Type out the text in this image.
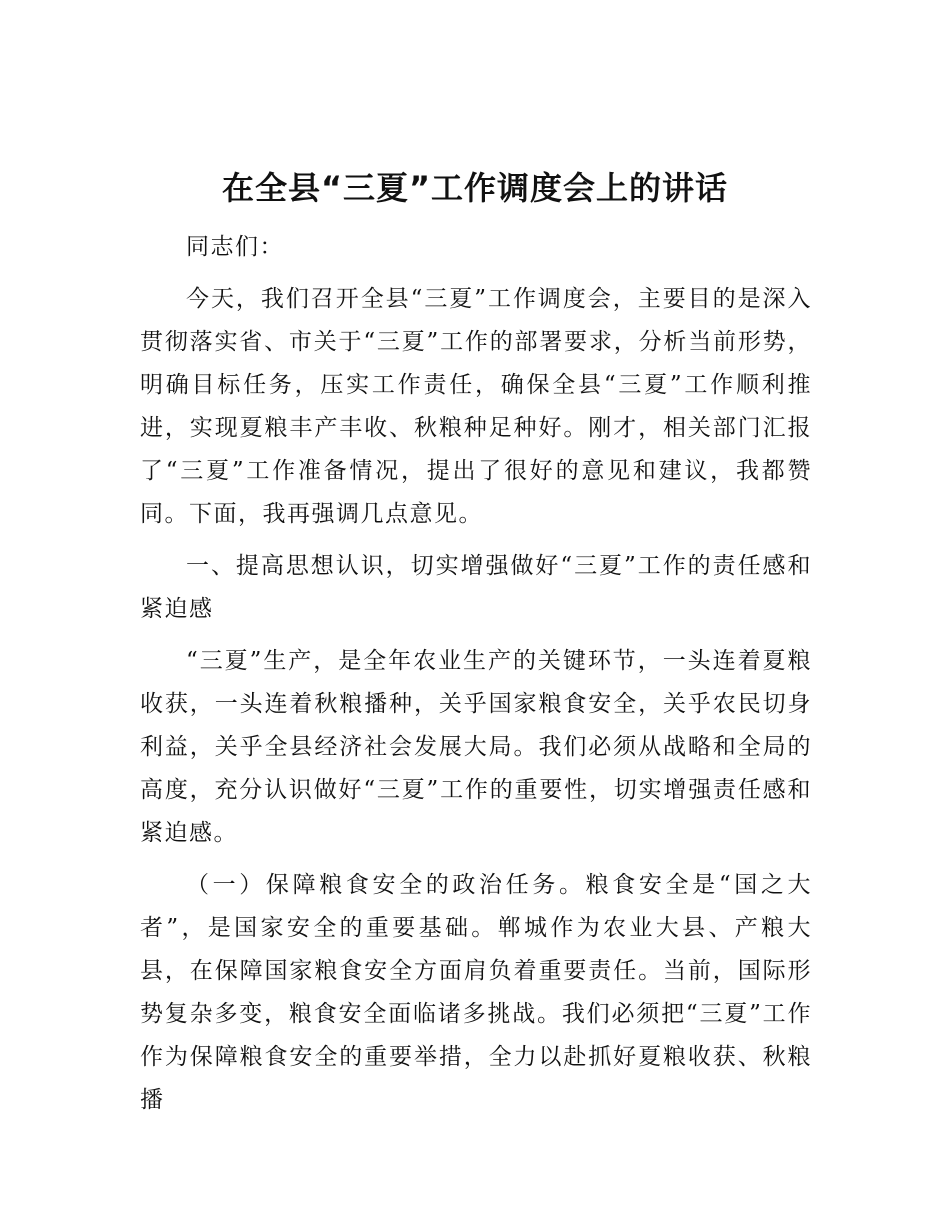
在全县“三夏”工作调度会上的讲话

同志们：

今天，我们召开全县“三夏”工作调度会，主要目的是深入贯彻落实省、市关于“三夏”工作的部署要求，分析当前形势，明确目标任务，压实工作责任，确保全县“三夏”工作顺利推进，实现夏粮丰产丰收、秋粮种足种好。刚才，相关部门汇报了“三夏”工作准备情况，提出了很好的意见和建议，我都赞同。下面，我再强调几点意见。

一、提高思想认识，切实增强做好“三夏”工作的责任感和紧迫感

“三夏”生产，是全年农业生产的关键环节，一头连着夏粮收获，一头连着秋粮播种，关乎国家粮食安全，关乎农民切身利益，关乎全县经济社会发展大局。我们必须从战略和全局的高度，充分认识做好“三夏”工作的重要性，切实增强责任感和紧迫感。

（一）保障粮食安全的政治任务。粮食安全是“国之大者”，是国家安全的重要基础。郸城作为农业大县、产粮大县，在保障国家粮食安全方面肩负着重要责任。当前，国际形势复杂多变，粮食安全面临诸多挑战。我们必须把“三夏”工作作为保障粮食安全的重要举措，全力以赴抓好夏粮收获、秋粮播
